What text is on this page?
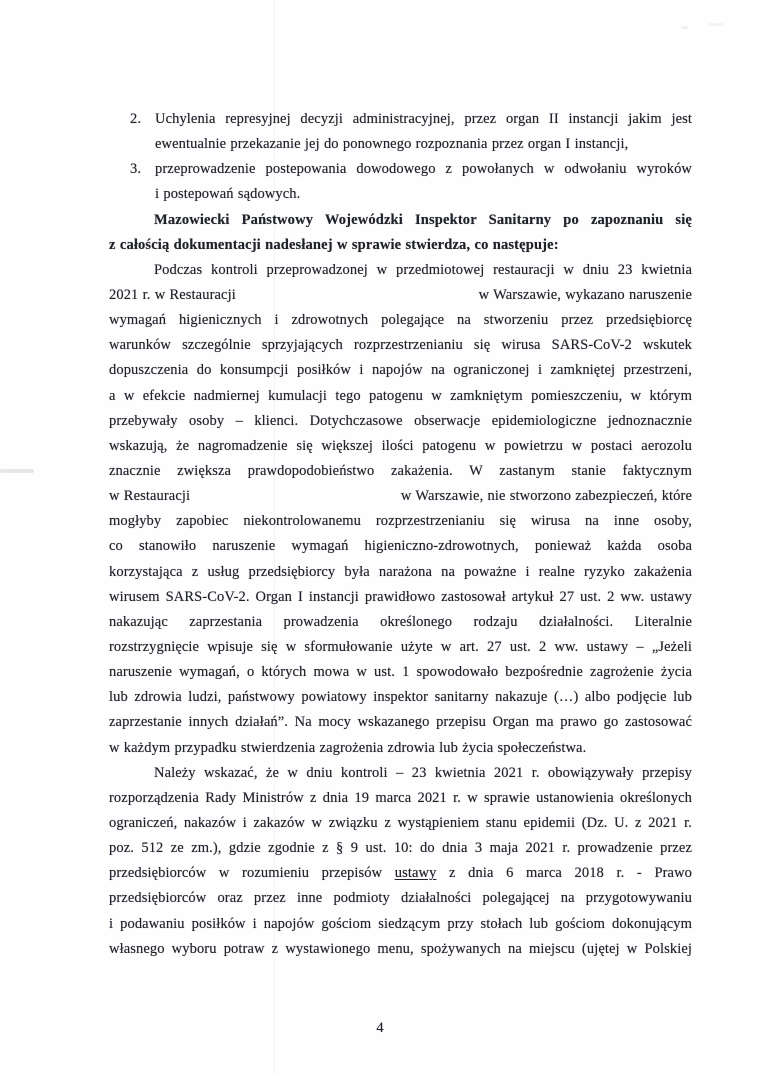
2. Uchylenia represyjnej decyzji administracyjnej, przez organ II instancji jakim jest
ewentualnie przekazanie jej do ponownego rozpoznania przez organ I instancji,
3. przeprowadzenie postepowania dowodowego z powołanych w odwołaniu wyroków
i postepowań sądowych.
Mazowiecki Państwowy Wojewódzki Inspektor Sanitarny po zapoznaniu się
z całością dokumentacji nadesłanej w sprawie stwierdza, co następuje:
Podczas kontroli przeprowadzonej w przedmiotowej restauracji w dniu 23 kwietnia
2021 r. w Restauracji	w Warszawie, wykazano naruszenie
wymagań higienicznych i zdrowotnych polegające na stworzeniu przez przedsiębiorcę
warunków szczególnie sprzyjających rozprzestrzenianiu się wirusa SARS-CoV-2 wskutek
dopuszczenia do konsumpcji posiłków i napojów na ograniczonej i zamkniętej przestrzeni,
a w efekcie nadmiernej kumulacji tego patogenu w zamkniętym pomieszczeniu, w którym
przebywały osoby – klienci. Dotychczasowe obserwacje epidemiologiczne jednoznacznie
wskazują, że nagromadzenie się większej ilości patogenu w powietrzu w postaci aerozolu
znacznie zwiększa prawdopodobieństwo zakażenia. W zastanym stanie faktycznym
w Restauracji	w Warszawie, nie stworzono zabezpieczeń, które
mogłyby zapobiec niekontrolowanemu rozprzestrzenianiu się wirusa na inne osoby,
co stanowiło naruszenie wymagań higieniczno-zdrowotnych, ponieważ każda osoba
korzystająca z usług przedsiębiorcy była narażona na poważne i realne ryzyko zakażenia
wirusem SARS-CoV-2. Organ I instancji prawidłowo zastosował artykuł 27 ust. 2 ww. ustawy
nakazując zaprzestania prowadzenia określonego rodzaju działalności. Literalnie
rozstrzygnięcie wpisuje się w sformułowanie użyte w art. 27 ust. 2 ww. ustawy – „Jeżeli
naruszenie wymagań, o których mowa w ust. 1 spowodowało bezpośrednie zagrożenie życia
lub zdrowia ludzi, państwowy powiatowy inspektor sanitarny nakazuje (…) albo podjęcie lub
zaprzestanie innych działań”. Na mocy wskazanego przepisu Organ ma prawo go zastosować
w każdym przypadku stwierdzenia zagrożenia zdrowia lub życia społeczeństwa.
Należy wskazać, że w dniu kontroli – 23 kwietnia 2021 r. obowiązywały przepisy
rozporządzenia Rady Ministrów z dnia 19 marca 2021 r. w sprawie ustanowienia określonych
ograniczeń, nakazów i zakazów w związku z wystąpieniem stanu epidemii (Dz. U. z 2021 r.
poz. 512 ze zm.), gdzie zgodnie z § 9 ust. 10: do dnia 3 maja 2021 r. prowadzenie przez
przedsiębiorców w rozumieniu przepisów ustawy z dnia 6 marca 2018 r. - Prawo
przedsiębiorców oraz przez inne podmioty działalności polegającej na przygotowywaniu
i podawaniu posiłków i napojów gościom siedzącym przy stołach lub gościom dokonującym
własnego wyboru potraw z wystawionego menu, spożywanych na miejscu (ujętej w Polskiej
4
